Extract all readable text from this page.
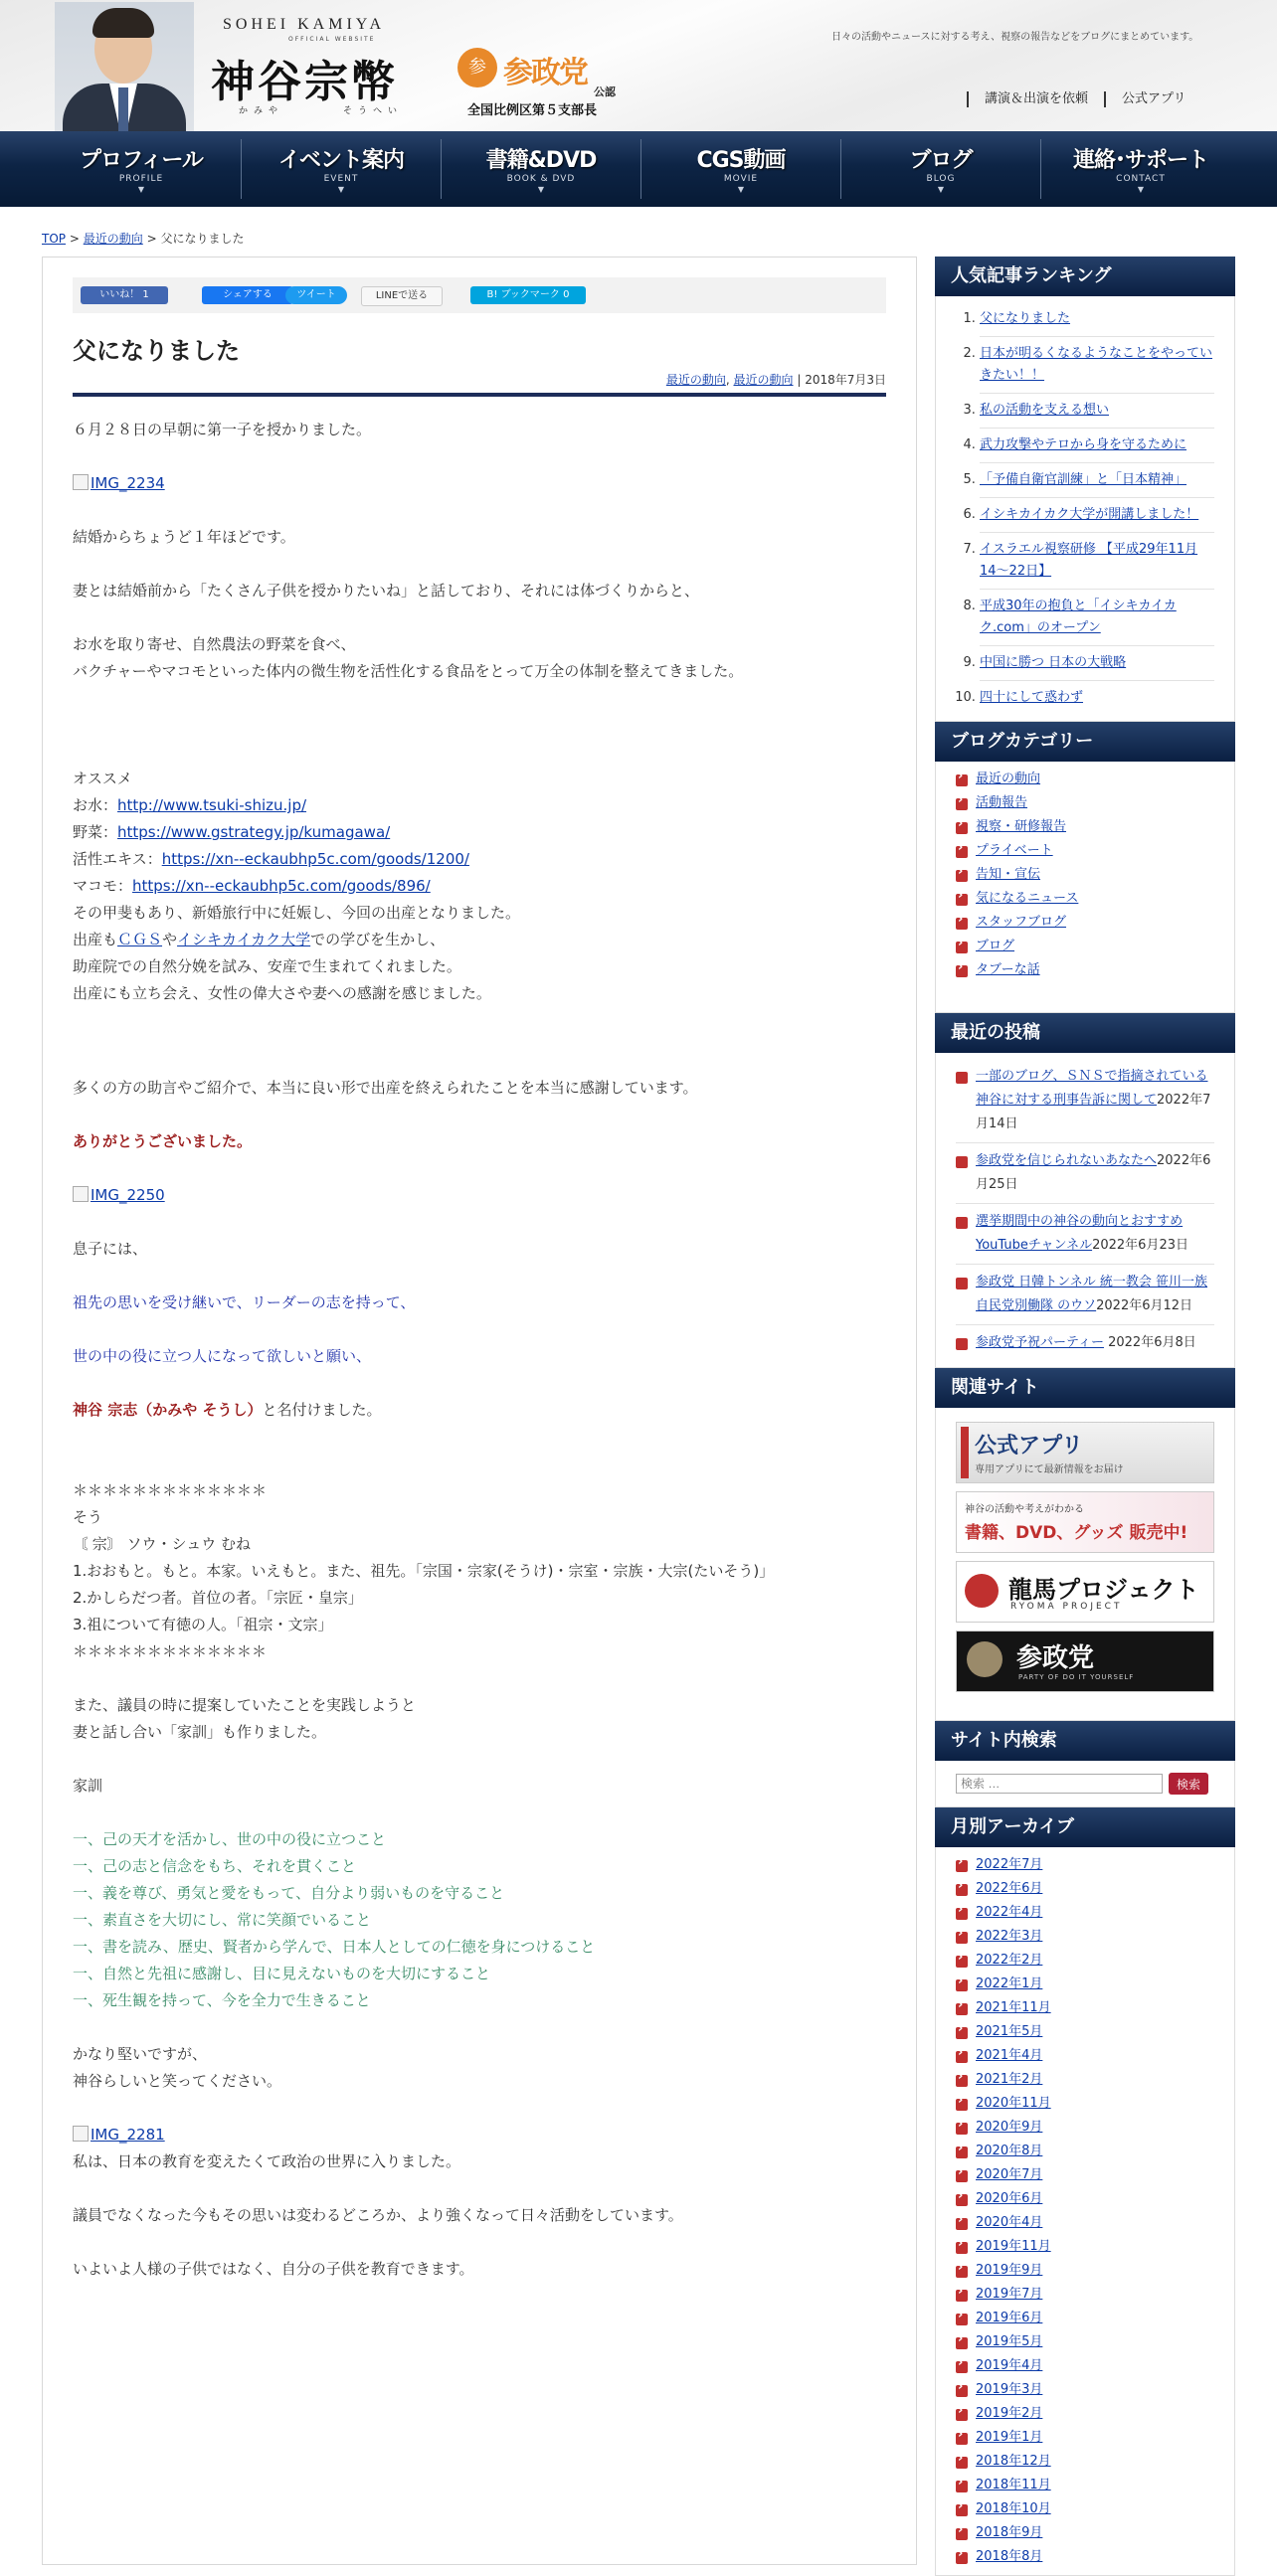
SOHEI KAMIYA
OFFICIAL WEBSITE
神谷宗幣
かみや	そうへい
参 参政党
公認
全国比例区第５支部長
日々の活動やニュースに対する考え、視察の報告などをブログにまとめています。
講演＆出演を依頼	公式アプリ
プロフィール
PROFILE
▼
イベント案内
EVENT
▼
書籍&DVD
BOOK & DVD
▼
CGS動画
MOVIE
▼
ブログ
BLOG
▼
連絡･サポート
CONTACT
▼
TOP > 最近の動向 > 父になりました
いいね！ 1	シェアする	ツイート	LINEで送る	B! ブックマーク 0
父になりました
最近の動向, 最近の動向 | 2018年7月3日

６月２８日の早朝に第一子を授かりました。

IMG_2234

結婚からちょうど１年ほどです。

妻とは結婚前から「たくさん子供を授かりたいね」と話しており、それには体づくりからと、

お水を取り寄せ、自然農法の野菜を食べ、

バクチャーやマコモといった体内の微生物を活性化する食品をとって万全の体制を整えてきました。

オススメ

お水：http://www.tsuki-shizu.jp/

野菜：https://www.gstrategy.jp/kumagawa/

活性エキス：https://xn--eckaubhp5c.com/goods/1200/

マコモ：https://xn--eckaubhp5c.com/goods/896/

その甲斐もあり、新婚旅行中に妊娠し、今回の出産となりました。

出産もＣＧＳやイシキカイカク大学での学びを生かし、

助産院での自然分娩を試み、安産で生まれてくれました。

出産にも立ち会え、女性の偉大さや妻への感謝を感じました。

多くの方の助言やご紹介で、本当に良い形で出産を終えられたことを本当に感謝しています。

ありがとうございました。

IMG_2250

息子には、

祖先の思いを受け継いで、リーダーの志を持って、

世の中の役に立つ人になって欲しいと願い、

神谷 宗志（かみや そうし）と名付けました。

＊＊＊＊＊＊＊＊＊＊＊＊＊

そう

〘 宗〙 ソウ・シュウ むね

1.おおもと。もと。本家。いえもと。また、祖先。「宗国・宗家(そうけ)・宗室・宗族・大宗(たいそう)」

2.かしらだつ者。首位の者。「宗匠・皇宗」

3.祖について有徳の人。「祖宗・文宗」

＊＊＊＊＊＊＊＊＊＊＊＊＊

また、議員の時に提案していたことを実践しようと

妻と話し合い「家訓」も作りました。

家訓

一、己の天才を活かし、世の中の役に立つこと

一、己の志と信念をもち、それを貫くこと

一、義を尊び、勇気と愛をもって、自分より弱いものを守ること

一、素直さを大切にし、常に笑顔でいること

一、書を読み、歴史、賢者から学んで、日本人としての仁徳を身につけること

一、自然と先祖に感謝し、目に見えないものを大切にすること

一、死生観を持って、今を全力で生きること

かなり堅いですが、

神谷らしいと笑ってください。

IMG_2281

私は、日本の教育を変えたくて政治の世界に入りました。

議員でなくなった今もその思いは変わるどころか、より強くなって日々活動をしています。

いよいよ人様の子供ではなく、自分の子供を教育できます。

人気記事ランキング
1. 父になりました
2. 日本が明るくなるようなことをやっていきたい！！
3. 私の活動を支える想い
4. 武力攻撃やテロから身を守るために
5. 「予備自衛官訓練」と「日本精神」
6. イシキカイカク大学が開講しました！
7. イスラエル視察研修 【平成29年11月14〜22日】
8. 平成30年の抱負と「イシキカイカク.com」のオープン
9. 中国に勝つ 日本の大戦略
10. 四十にして惑わず
ブログカテゴリー
最近の動向 ›
活動報告 ›
視察・研修報告 ›
プライベート ›
告知・宣伝 ›
気になるニュース ›
スタッフブログ ›
ブログ ›
タブーな話 ›
最近の投稿
一部のブログ、ＳＮＳで指摘されている神谷に対する刑事告訴に関して2022年7月14日
参政党を信じられないあなたへ2022年6月25日
選挙期間中の神谷の動向とおすすめYouTubeチャンネル2022年6月23日
参政党 日韓トンネル 統一教会 笹川一族 自民党別働隊 のウソ2022年6月12日
参政党予祝パーティー 2022年6月8日
関連サイト
公式アプリ
専用アプリにて最新情報をお届け
神谷の活動や考えがわかる
書籍、DVD、グッズ 販売中!
龍馬プロジェクト
RYOMA PROJECT
参政党
PARTY OF DO IT YOURSELF
サイト内検索
検索 …
検索
月別アーカイブ
2022年7月 ›
2022年6月 ›
2022年4月 ›
2022年3月 ›
2022年2月 ›
2022年1月 ›
2021年11月 ›
2021年5月 ›
2021年4月 ›
2021年2月 ›
2020年11月 ›
2020年9月 ›
2020年8月 ›
2020年7月 ›
2020年6月 ›
2020年4月 ›
2019年11月 ›
2019年9月 ›
2019年7月 ›
2019年6月 ›
2019年5月 ›
2019年4月 ›
2019年3月 ›
2019年2月 ›
2019年1月 ›
2018年12月 ›
2018年11月 ›
2018年10月 ›
2018年9月 ›
2018年8月 ›
